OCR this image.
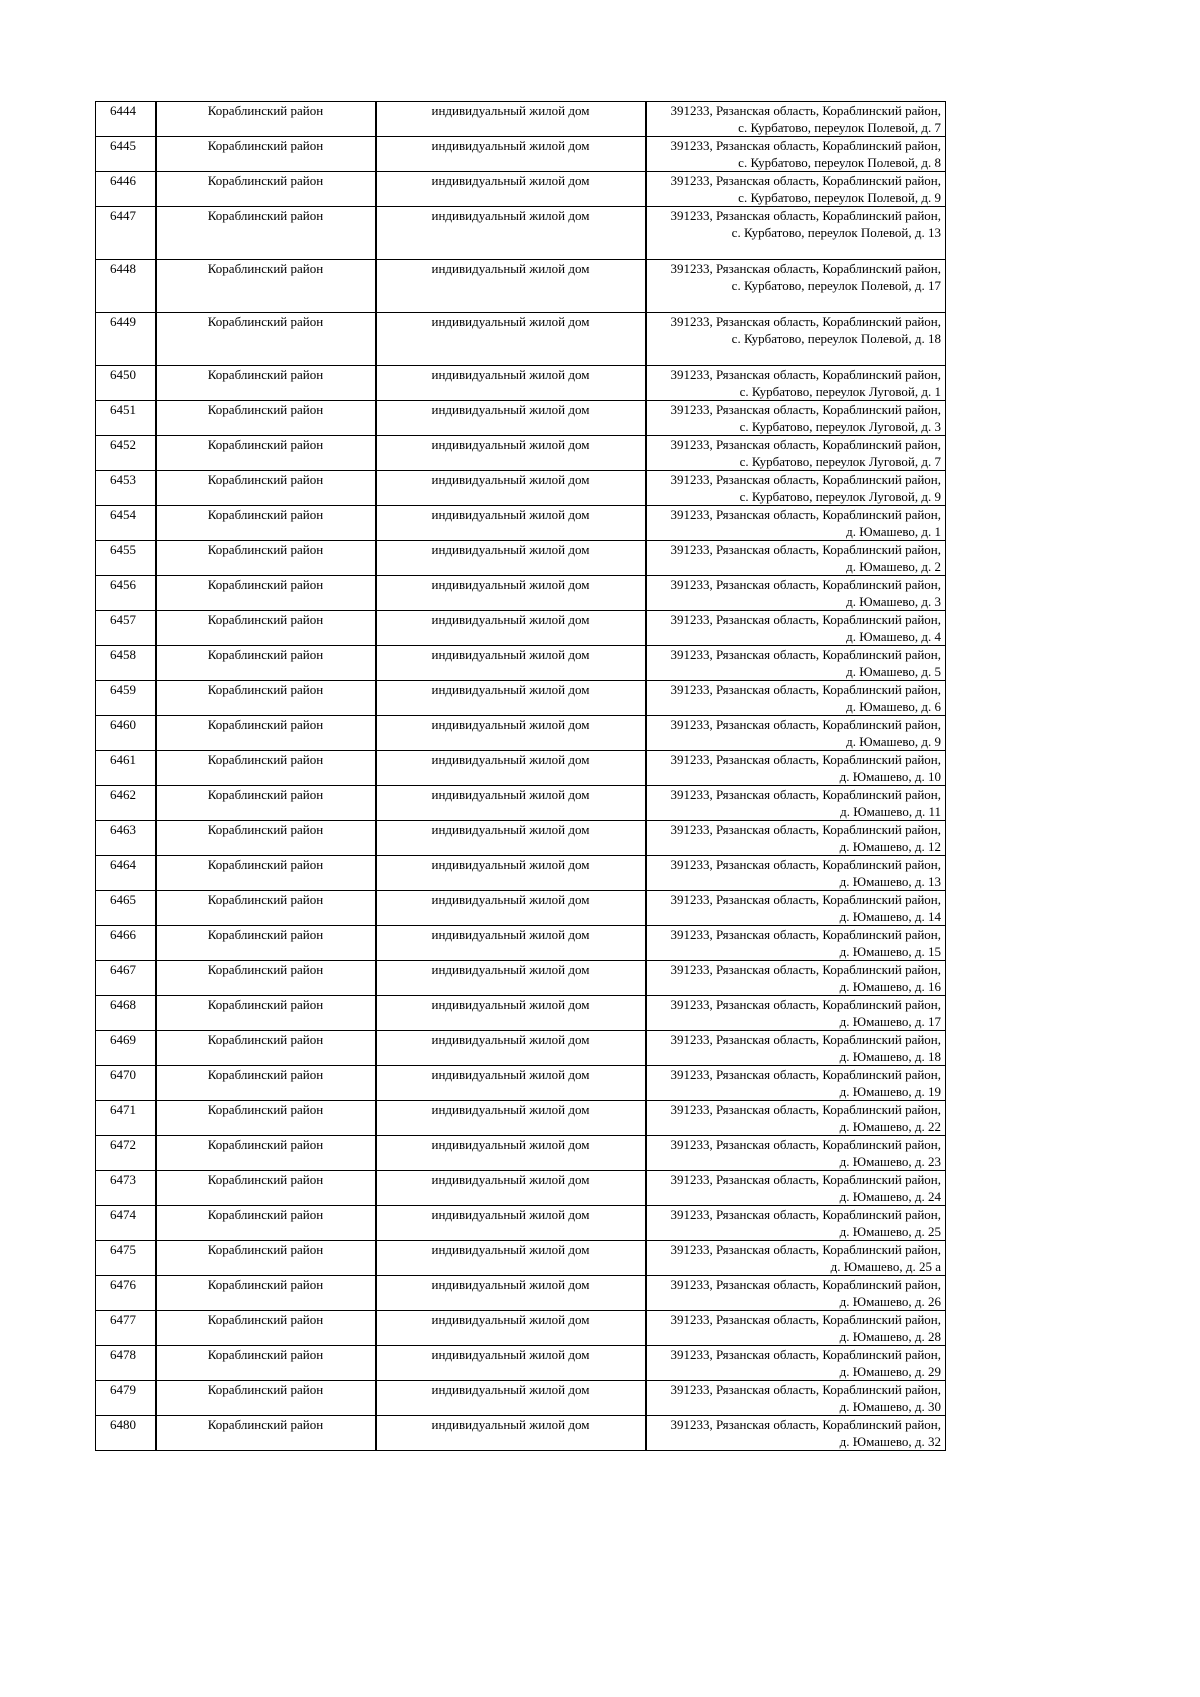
6444	Кораблинский район	индивидуальный жилой дом	391233, Рязанская область, Кораблинский район,
с. Курбатово, переулок Полевой, д. 7

6445	Кораблинский район	индивидуальный жилой дом	391233, Рязанская область, Кораблинский район,
с. Курбатово, переулок Полевой, д. 8

6446	Кораблинский район	индивидуальный жилой дом	391233, Рязанская область, Кораблинский район,
с. Курбатово, переулок Полевой, д. 9

6447	Кораблинский район	индивидуальный жилой дом	391233, Рязанская область, Кораблинский район,
с. Курбатово, переулок Полевой, д. 13

6448	Кораблинский район	индивидуальный жилой дом	391233, Рязанская область, Кораблинский район,
с. Курбатово, переулок Полевой, д. 17

6449	Кораблинский район	индивидуальный жилой дом	391233, Рязанская область, Кораблинский район,
с. Курбатово, переулок Полевой, д. 18

6450	Кораблинский район	индивидуальный жилой дом	391233, Рязанская область, Кораблинский район,
с. Курбатово, переулок Луговой, д. 1

6451	Кораблинский район	индивидуальный жилой дом	391233, Рязанская область, Кораблинский район,
с. Курбатово, переулок Луговой, д. 3

6452	Кораблинский район	индивидуальный жилой дом	391233, Рязанская область, Кораблинский район,
с. Курбатово, переулок Луговой, д. 7

6453	Кораблинский район	индивидуальный жилой дом	391233, Рязанская область, Кораблинский район,
с. Курбатово, переулок Луговой, д. 9

6454	Кораблинский район	индивидуальный жилой дом	391233, Рязанская область, Кораблинский район,
д. Юмашево, д. 1

6455	Кораблинский район	индивидуальный жилой дом	391233, Рязанская область, Кораблинский район,
д. Юмашево, д. 2

6456	Кораблинский район	индивидуальный жилой дом	391233, Рязанская область, Кораблинский район,
д. Юмашево, д. 3

6457	Кораблинский район	индивидуальный жилой дом	391233, Рязанская область, Кораблинский район,
д. Юмашево, д. 4

6458	Кораблинский район	индивидуальный жилой дом	391233, Рязанская область, Кораблинский район,
д. Юмашево, д. 5

6459	Кораблинский район	индивидуальный жилой дом	391233, Рязанская область, Кораблинский район,
д. Юмашево, д. 6

6460	Кораблинский район	индивидуальный жилой дом	391233, Рязанская область, Кораблинский район,
д. Юмашево, д. 9

6461	Кораблинский район	индивидуальный жилой дом	391233, Рязанская область, Кораблинский район,
д. Юмашево, д. 10

6462	Кораблинский район	индивидуальный жилой дом	391233, Рязанская область, Кораблинский район,
д. Юмашево, д. 11

6463	Кораблинский район	индивидуальный жилой дом	391233, Рязанская область, Кораблинский район,
д. Юмашево, д. 12

6464	Кораблинский район	индивидуальный жилой дом	391233, Рязанская область, Кораблинский район,
д. Юмашево, д. 13

6465	Кораблинский район	индивидуальный жилой дом	391233, Рязанская область, Кораблинский район,
д. Юмашево, д. 14

6466	Кораблинский район	индивидуальный жилой дом	391233, Рязанская область, Кораблинский район,
д. Юмашево, д. 15

6467	Кораблинский район	индивидуальный жилой дом	391233, Рязанская область, Кораблинский район,
д. Юмашево, д. 16

6468	Кораблинский район	индивидуальный жилой дом	391233, Рязанская область, Кораблинский район,
д. Юмашево, д. 17

6469	Кораблинский район	индивидуальный жилой дом	391233, Рязанская область, Кораблинский район,
д. Юмашево, д. 18

6470	Кораблинский район	индивидуальный жилой дом	391233, Рязанская область, Кораблинский район,
д. Юмашево, д. 19

6471	Кораблинский район	индивидуальный жилой дом	391233, Рязанская область, Кораблинский район,
д. Юмашево, д. 22

6472	Кораблинский район	индивидуальный жилой дом	391233, Рязанская область, Кораблинский район,
д. Юмашево, д. 23

6473	Кораблинский район	индивидуальный жилой дом	391233, Рязанская область, Кораблинский район,
д. Юмашево, д. 24

6474	Кораблинский район	индивидуальный жилой дом	391233, Рязанская область, Кораблинский район,
д. Юмашево, д. 25

6475	Кораблинский район	индивидуальный жилой дом	391233, Рязанская область, Кораблинский район,
д. Юмашево, д. 25 а

6476	Кораблинский район	индивидуальный жилой дом	391233, Рязанская область, Кораблинский район,
д. Юмашево, д. 26

6477	Кораблинский район	индивидуальный жилой дом	391233, Рязанская область, Кораблинский район,
д. Юмашево, д. 28

6478	Кораблинский район	индивидуальный жилой дом	391233, Рязанская область, Кораблинский район,
д. Юмашево, д. 29

6479	Кораблинский район	индивидуальный жилой дом	391233, Рязанская область, Кораблинский район,
д. Юмашево, д. 30

6480	Кораблинский район	индивидуальный жилой дом	391233, Рязанская область, Кораблинский район,
д. Юмашево, д. 32
